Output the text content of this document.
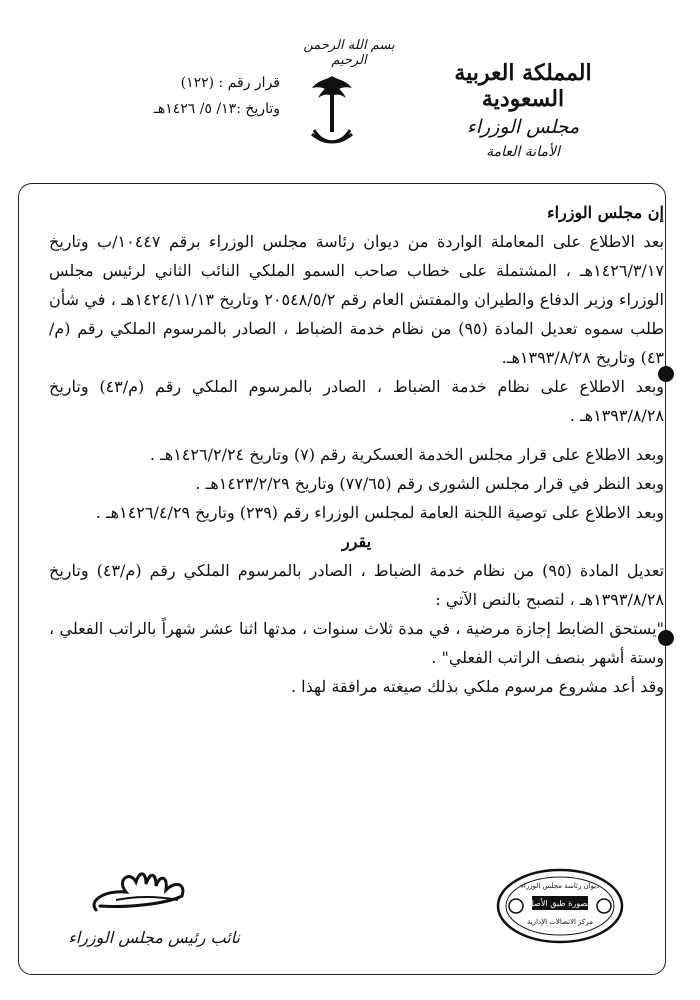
بسم الله الرحمن الرحيم	المملكة العربية السعودية
مجلس الوزراء
الأمانة العامة
قرار رقم : (١٢٢)
وتاريخ :١٣/ ٥/ ١٤٢٦هـ

إن مجلس الوزراء

بعد الاطلاع على المعاملة الواردة من ديوان رئاسة مجلس الوزراء برقم ١٠٤٤٧/ب وتاريخ ١٤٢٦/٣/١٧هـ ، المشتملة على خطاب صاحب السمو الملكي النائب الثاني لرئيس مجلس الوزراء وزير الدفاع والطيران والمفتش العام رقم ٢٠٥٤٨/٥/٢ وتاريخ ١٤٢٤/١١/١٣هـ ، في شأن طلب سموه تعديل المادة (٩٥) من نظام خدمة الضباط ، الصادر بالمرسوم الملكي رقم (م/٤٣) وتاريخ ١٣٩٣/٨/٢٨هـ.

وبعد الاطلاع على نظام خدمة الضباط ، الصادر بالمرسوم الملكي رقم (م/٤٣) وتاريخ ١٣٩٣/٨/٢٨هـ .

وبعد الاطلاع على قرار مجلس الخدمة العسكرية رقم (٧) وتاريخ ١٤٢٦/٢/٢٤هـ .

وبعد النظر في قرار مجلس الشورى رقم (٧٧/٦٥) وتاريخ ١٤٢٣/٢/٢٩هـ .

وبعد الاطلاع على توصية اللجنة العامة لمجلس الوزراء رقم (٢٣٩) وتاريخ ١٤٢٦/٤/٢٩هـ .

يقرر

تعديل المادة (٩٥) من نظام خدمة الضباط ، الصادر بالمرسوم الملكي رقم (م/٤٣) وتاريخ ١٣٩٣/٨/٢٨هـ ، لتصبح بالنص الآتي :

"يستحق الضابط إجازة مرضية ، في مدة ثلاث سنوات ، مدتها اثنا عشر شهراً بالراتب الفعلي ، وستة أشهر بنصف الراتب الفعلي" .

وقد أعد مشروع مرسوم ملكي بذلك صيغته مرافقة لهذا .

نائب رئيس مجلس الوزراء
ديوان رئاسة مجلس الوزراء
الصورة طبق الأصل
مركز الاتصالات الإدارية
